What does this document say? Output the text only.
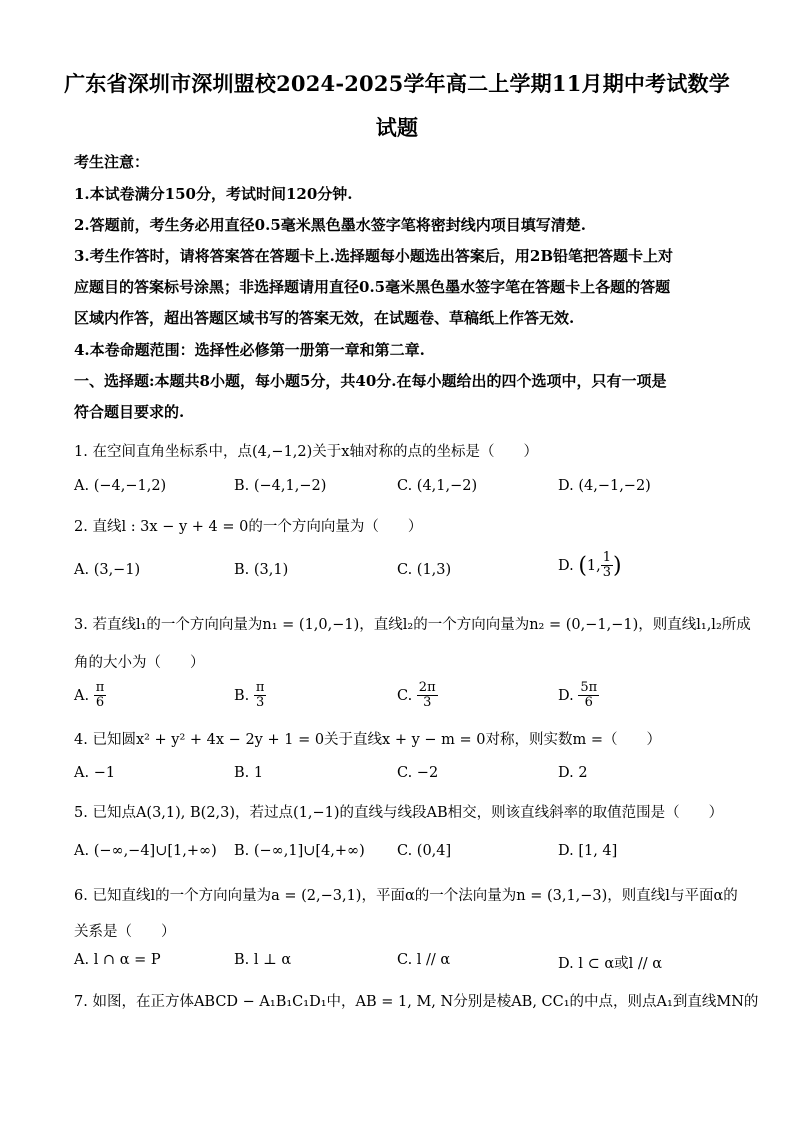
广东省深圳市深圳盟校2024-2025学年高二上学期11月期中考试数学
试题
考生注意：
1.本试卷满分150分，考试时间120分钟.
2.答题前，考生务必用直径0.5毫米黑色墨水签字笔将密封线内项目填写清楚.
3.考生作答时，请将答案答在答题卡上.选择题每小题选出答案后，用2B铅笔把答题卡上对
应题目的答案标号涂黑；非选择题请用直径0.5毫米黑色墨水签字笔在答题卡上各题的答题
区域内作答，超出答题区域书写的答案无效，在试题卷、草稿纸上作答无效.
4.本卷命题范围：选择性必修第一册第一章和第二章.
一、选择题:本题共8小题，每小题5分，共40分.在每小题给出的四个选项中，只有一项是
符合题目要求的.
1. 在空间直角坐标系中，点(4,−1,2)关于x轴对称的点的坐标是（　　）
A. (−4,−1,2)	B. (−4,1,−2)	C. (4,1,−2)	D. (4,−1,−2)
2. 直线l : 3x − y + 4 = 0的一个方向向量为（　　）
A. (3,−1)	B. (3,1)	C. (1,3)	D. (1, $\frac{1}{3}$ )
3. 若直线l₁的一个方向向量为n₁ = (1,0,−1)，直线l₂的一个方向向量为n₂ = (0,−1,−1)，则直线l₁,l₂所成
角的大小为（　　）
A. $\frac{\pi}{6}$	B. $\frac{\pi}{3}$	C. $\frac{2\pi}{3}$	D. $\frac{5\pi}{6}$
4. 已知圆x² + y² + 4x − 2y + 1 = 0关于直线x + y − m = 0对称，则实数m =（　　）
A. −1	B. 1	C. −2	D. 2
5. 已知点A(3,1), B(2,3)，若过点(1,−1)的直线与线段AB相交，则该直线斜率的取值范围是（　　）
A. (−∞,−4]∪[1,+∞) B. (−∞,1]∪[4,+∞) C. (0,4]	D. [1, 4]
6. 已知直线l的一个方向向量为a = (2,−3,1)，平面α的一个法向量为n = (3,1,−3)，则直线l与平面α的
关系是（　　）
A. l ∩ α = P	B. l ⊥ α	C. l // α	D. l ⊂ α或l // α
7. 如图，在正方体ABCD − A₁B₁C₁D₁中，AB = 1, M, N分别是棱AB, CC₁的中点，则点A₁到直线MN的
